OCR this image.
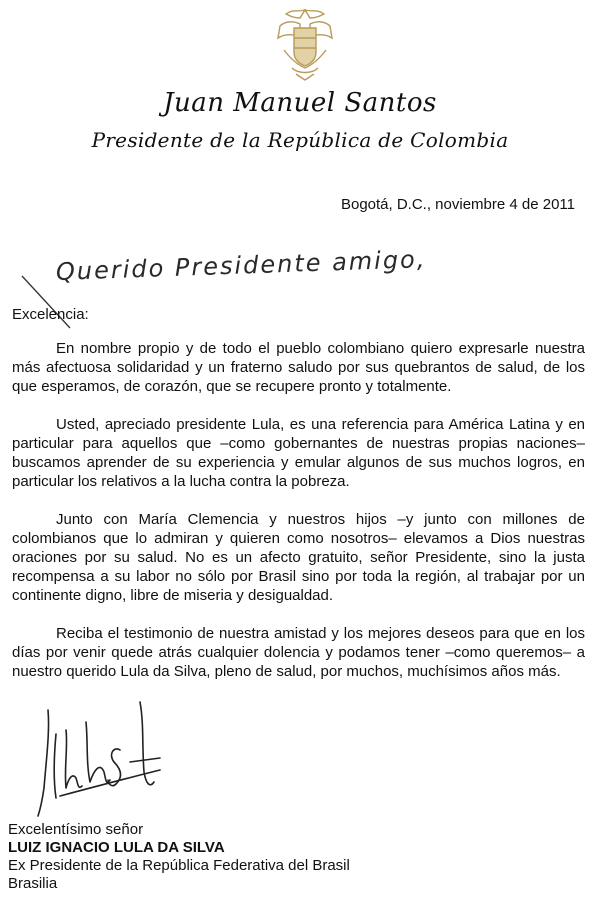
Juan Manuel Santos
Presidente de la República de Colombia
Bogotá, D.C., noviembre 4 de 2011
Querido Presidente amigo,
Excelencia:

En nombre propio y de todo el pueblo colombiano quiero expresarle nuestra más afectuosa solidaridad y un fraterno saludo por sus quebrantos de salud, de los que esperamos, de corazón, que se recupere pronto y totalmente.

Usted, apreciado presidente Lula, es una referencia para América Latina y en particular para aquellos que –como gobernantes de nuestras propias naciones– buscamos aprender de su experiencia y emular algunos de sus muchos logros, en particular los relativos a la lucha contra la pobreza.

Junto con María Clemencia y nuestros hijos –y junto con millones de colombianos que lo admiran y quieren como nosotros– elevamos a Dios nuestras oraciones por su salud. No es un afecto gratuito, señor Presidente, sino la justa recompensa a su labor no sólo por Brasil sino por toda la región, al trabajar por un continente digno, libre de miseria y desigualdad.

Reciba el testimonio de nuestra amistad y los mejores deseos para que en los días por venir quede atrás cualquier dolencia y podamos tener –como queremos– a nuestro querido Lula da Silva, pleno de salud, por muchos, muchísimos años más.

Excelentísimo señor
LUIZ IGNACIO LULA DA SILVA
Ex Presidente de la República Federativa del Brasil
Brasilia
